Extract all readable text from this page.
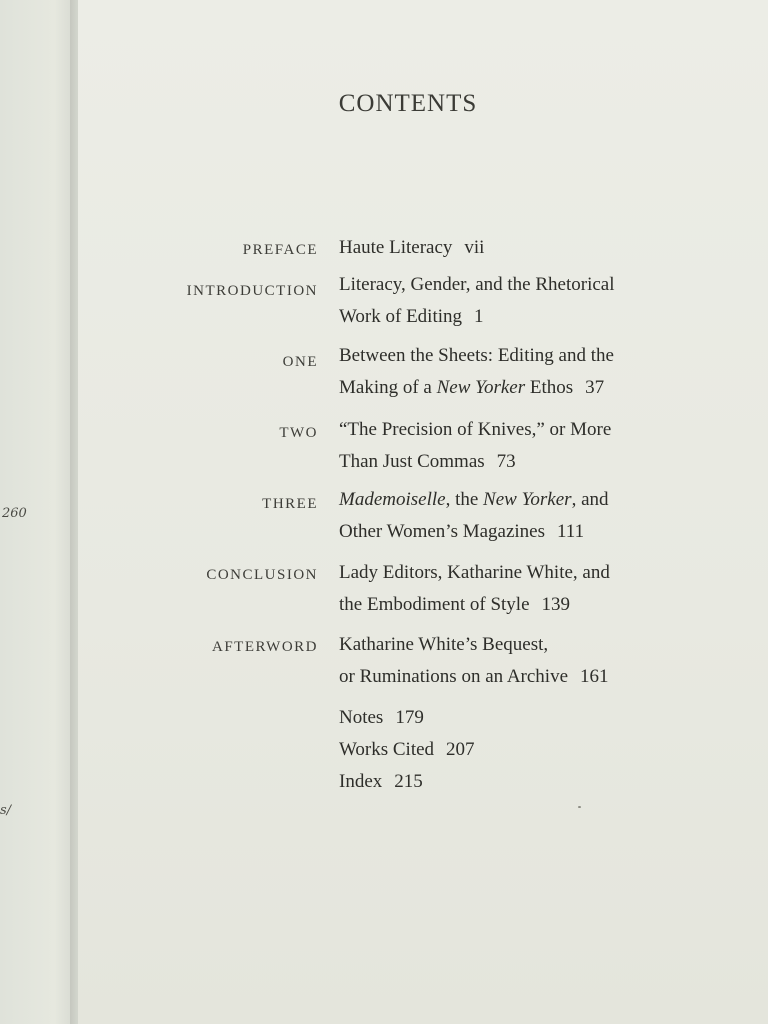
260
s/
CONTENTS
PREFACE Haute Literacy vii
INTRODUCTION Literacy, Gender, and the Rhetorical
Work of Editing 1
ONE Between the Sheets: Editing and the
Making of a New Yorker Ethos 37
TWO “The Precision of Knives,” or More
Than Just Commas 73
THREE Mademoiselle, the New Yorker, and
Other Women’s Magazines 111
CONCLUSION Lady Editors, Katharine White, and
the Embodiment of Style 139
AFTERWORD Katharine White’s Bequest,
or Ruminations on an Archive 161
Notes 179
Works Cited 207
Index 215
